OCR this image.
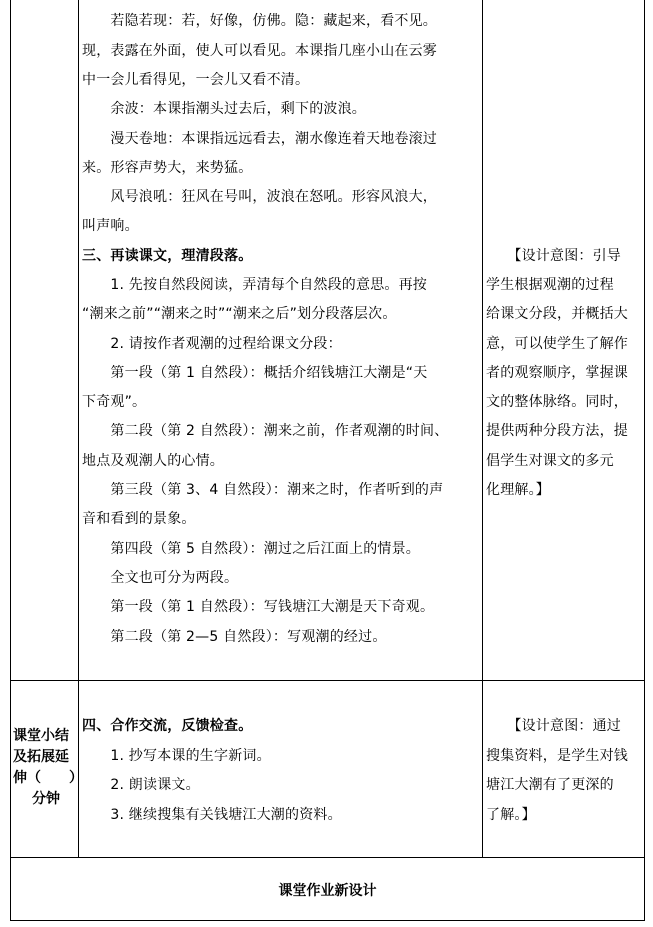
　　若隐若现：若，好像，仿佛。隐：藏起来，看不见。
现，表露在外面，使人可以看见。本课指几座小山在云雾
中一会儿看得见，一会儿又看不清。
　　余波：本课指潮头过去后，剩下的波浪。
　　漫天卷地：本课指远远看去，潮水像连着天地卷滚过
来。形容声势大，来势猛。
　　风号浪吼：狂风在号叫，波浪在怒吼。形容风浪大，
叫声响。
三、再读课文，理清段落。
　　1. 先按自然段阅读，弄清每个自然段的意思。再按
“潮来之前”“潮来之时”“潮来之后”划分段落层次。
　　2. 请按作者观潮的过程给课文分段：
　　第一段（第 1 自然段）：概括介绍钱塘江大潮是“天
下奇观”。
　　第二段（第 2 自然段）：潮来之前，作者观潮的时间、
地点及观潮人的心情。
　　第三段（第 3、4 自然段）：潮来之时，作者听到的声
音和看到的景象。
　　第四段（第 5 自然段）：潮过之后江面上的情景。
　　全文也可分为两段。
　　第一段（第 1 自然段）：写钱塘江大潮是天下奇观。
　　第二段（第 2—5 自然段）：写观潮的经过。
　　【设计意图：引导
学生根据观潮的过程
给课文分段，并概括大
意，可以使学生了解作
者的观察顺序，掌握课
文的整体脉络。同时，
提供两种分段方法，提
倡学生对课文的多元
化理解。】
课堂小结
及拓展延
伸（　　）
分钟
四、合作交流，反馈检查。
　　1. 抄写本课的生字新词。
　　2. 朗读课文。
　　3. 继续搜集有关钱塘江大潮的资料。
　　【设计意图：通过
搜集资料，是学生对钱
塘江大潮有了更深的
了解。】
课堂作业新设计
